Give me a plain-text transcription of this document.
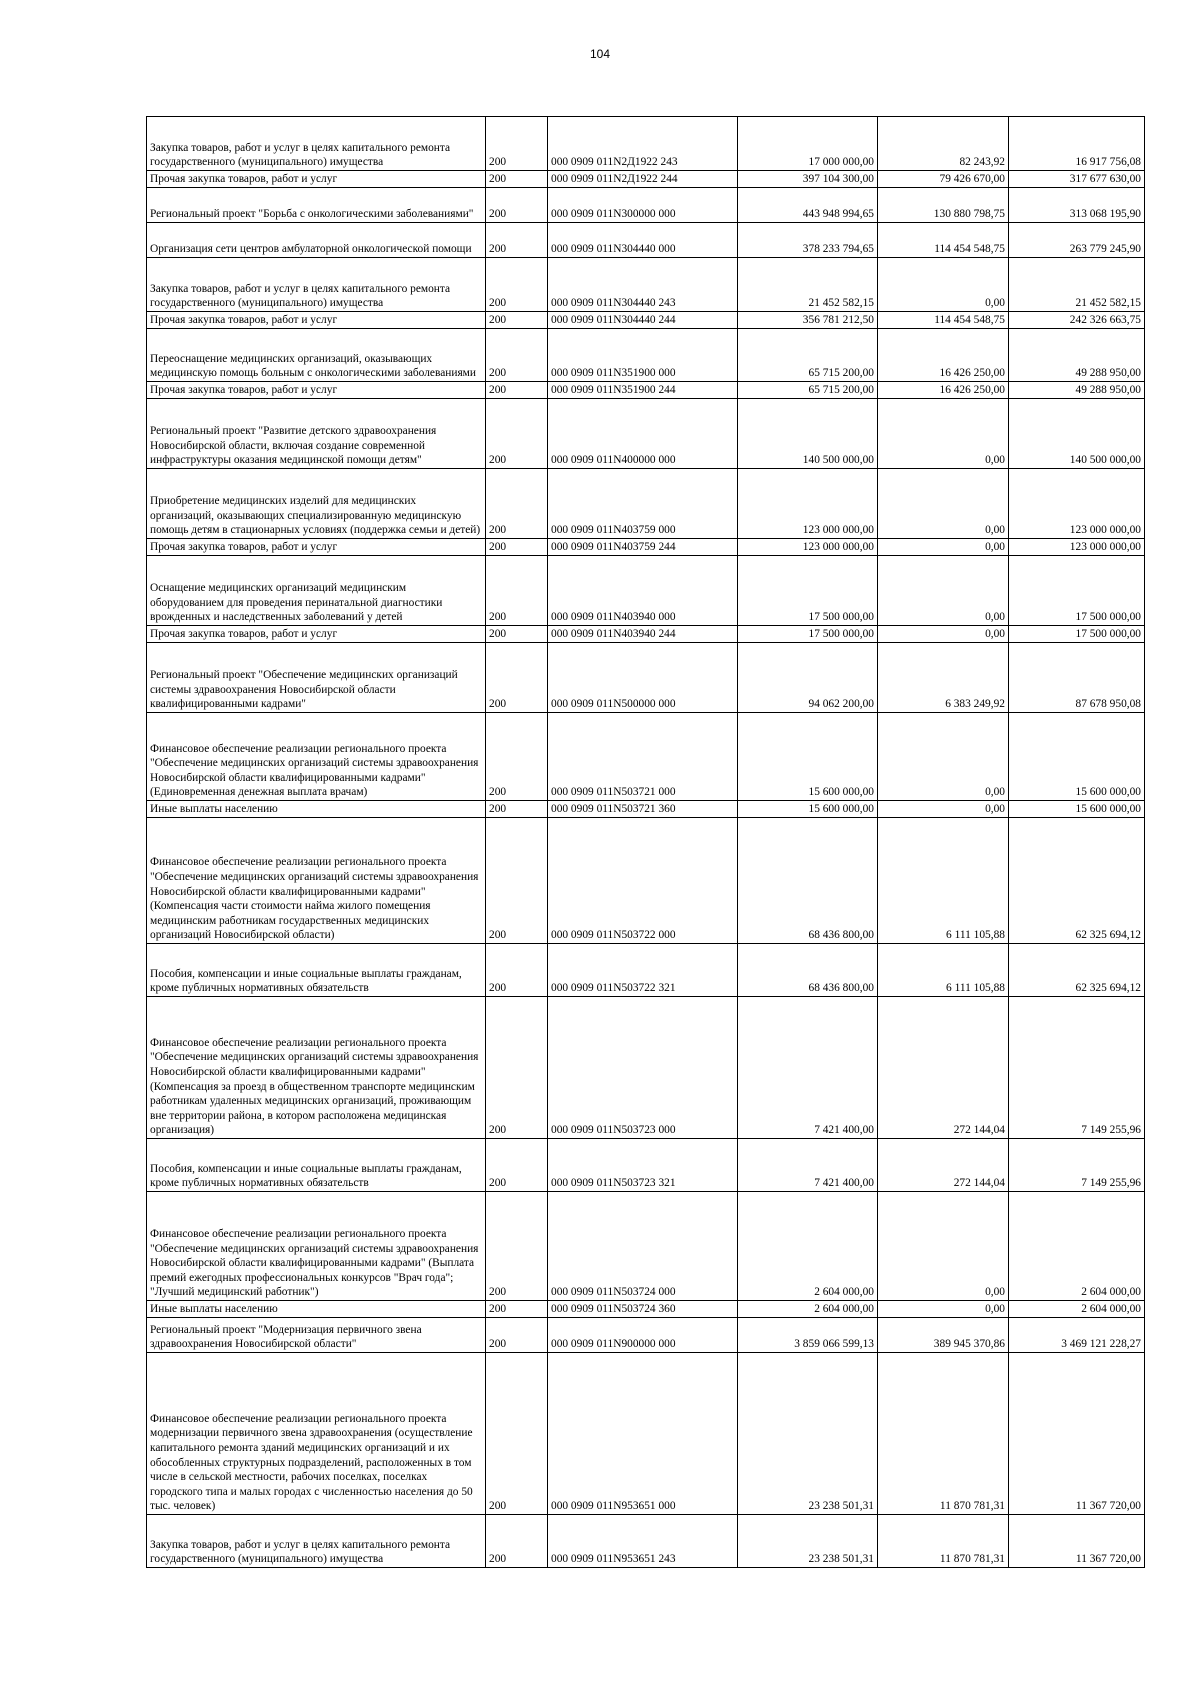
104
Закупка товаров, работ и услуг в целях капитального ремонта государственного (муниципального) имущества	200	000 0909 011N2Д1922 243	17 000 000,00	82 243,92	16 917 756,08
Прочая закупка товаров, работ и услуг	200	000 0909 011N2Д1922 244	397 104 300,00	79 426 670,00	317 677 630,00
Региональный проект "Борьба с онкологическими заболеваниями"	200	000 0909 011N300000 000	443 948 994,65	130 880 798,75	313 068 195,90
Организация сети центров амбулаторной онкологической помощи	200	000 0909 011N304440 000	378 233 794,65	114 454 548,75	263 779 245,90
Закупка товаров, работ и услуг в целях капитального ремонта государственного (муниципального) имущества	200	000 0909 011N304440 243	21 452 582,15	0,00	21 452 582,15
Прочая закупка товаров, работ и услуг	200	000 0909 011N304440 244	356 781 212,50	114 454 548,75	242 326 663,75
Переоснащение медицинских организаций, оказывающих медицинскую помощь больным с онкологическими заболеваниями	200	000 0909 011N351900 000	65 715 200,00	16 426 250,00	49 288 950,00
Прочая закупка товаров, работ и услуг	200	000 0909 011N351900 244	65 715 200,00	16 426 250,00	49 288 950,00
Региональный проект "Развитие детского здравоохранения Новосибирской области, включая создание современной инфраструктуры оказания медицинской помощи детям"	200	000 0909 011N400000 000	140 500 000,00	0,00	140 500 000,00
Приобретение медицинских изделий для медицинских организаций, оказывающих специализированную медицинскую помощь детям в стационарных условиях (поддержка семьи и детей)	200	000 0909 011N403759 000	123 000 000,00	0,00	123 000 000,00
Прочая закупка товаров, работ и услуг	200	000 0909 011N403759 244	123 000 000,00	0,00	123 000 000,00
Оснащение медицинских организаций медицинским оборудованием для проведения перинатальной диагностики врожденных и наследственных заболеваний у детей	200	000 0909 011N403940 000	17 500 000,00	0,00	17 500 000,00
Прочая закупка товаров, работ и услуг	200	000 0909 011N403940 244	17 500 000,00	0,00	17 500 000,00
Региональный проект "Обеспечение медицинских организаций системы здравоохранения Новосибирской области квалифицированными кадрами"	200	000 0909 011N500000 000	94 062 200,00	6 383 249,92	87 678 950,08
Финансовое обеспечение реализации регионального проекта "Обеспечение медицинских организаций системы здравоохранения Новосибирской области квалифицированными кадрами" (Единовременная денежная выплата врачам)	200	000 0909 011N503721 000	15 600 000,00	0,00	15 600 000,00
Иные выплаты населению	200	000 0909 011N503721 360	15 600 000,00	0,00	15 600 000,00
Финансовое обеспечение реализации регионального проекта "Обеспечение медицинских организаций системы здравоохранения Новосибирской области квалифицированными кадрами" (Компенсация части стоимости найма жилого помещения медицинским работникам государственных медицинских организаций Новосибирской области)	200	000 0909 011N503722 000	68 436 800,00	6 111 105,88	62 325 694,12
Пособия, компенсации и иные социальные выплаты гражданам, кроме публичных нормативных обязательств	200	000 0909 011N503722 321	68 436 800,00	6 111 105,88	62 325 694,12
Финансовое обеспечение реализации регионального проекта "Обеспечение медицинских организаций системы здравоохранения Новосибирской области квалифицированными кадрами" (Компенсация за проезд в общественном транспорте медицинским работникам удаленных медицинских организаций, проживающим вне территории района, в котором расположена медицинская организация)	200	000 0909 011N503723 000	7 421 400,00	272 144,04	7 149 255,96
Пособия, компенсации и иные социальные выплаты гражданам, кроме публичных нормативных обязательств	200	000 0909 011N503723 321	7 421 400,00	272 144,04	7 149 255,96
Финансовое обеспечение реализации регионального проекта "Обеспечение медицинских организаций системы здравоохранения Новосибирской области квалифицированными кадрами" (Выплата премий ежегодных профессиональных конкурсов "Врач года"; "Лучший медицинский работник")	200	000 0909 011N503724 000	2 604 000,00	0,00	2 604 000,00
Иные выплаты населению	200	000 0909 011N503724 360	2 604 000,00	0,00	2 604 000,00
Региональный проект "Модернизация первичного звена здравоохранения Новосибирской области"	200	000 0909 011N900000 000	3 859 066 599,13	389 945 370,86	3 469 121 228,27
Финансовое обеспечение реализации регионального проекта модернизации первичного звена здравоохранения (осуществление капитального ремонта зданий медицинских организаций и их обособленных структурных подразделений, расположенных в том числе в сельской местности, рабочих поселках, поселках городского типа и малых городах с численностью населения до 50 тыс. человек)	200	000 0909 011N953651 000	23 238 501,31	11 870 781,31	11 367 720,00
Закупка товаров, работ и услуг в целях капитального ремонта государственного (муниципального) имущества	200	000 0909 011N953651 243	23 238 501,31	11 870 781,31	11 367 720,00
